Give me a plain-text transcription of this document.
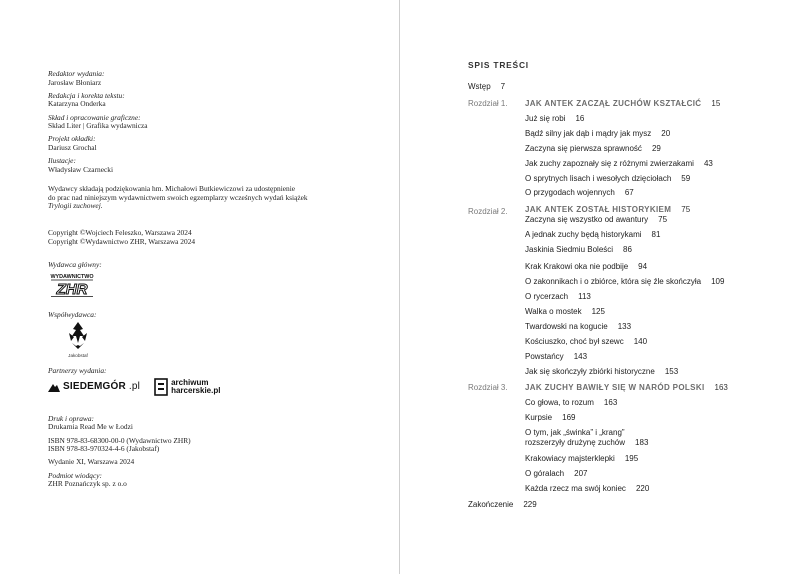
Redaktor wydania:
Jarosław Błoniarz
Redakcja i korekta tekstu:
Katarzyna Onderka
Skład i opracowanie graficzne:
Skład Liter | Grafika wydawnicza
Projekt okładki:
Dariusz Grochal
Ilustacje:
Władysław Czarnecki
Wydawcy składają podziękowania hm. Michałowi Butkiewiczowi za udostępnienie
do prac nad niniejszym wydawnictwem swoich egzemplarzy wcześnych wydań książek
Trylogii zuchowej.
Copyright ©Wojciech Feleszko, Warszawa 2024
Copyright ©Wydawnictwo ZHR, Warszawa 2024
Wydawca główny:
WYDAWNICTWO
ZHR
Współwydawca:
Jakobstaf
Partnerzy wydania:
SIEDEMGÓR .pl	archiwum
harcerskie.pl
Druk i oprawa:
Drukarnia Read Me w Łodzi
ISBN 978-83-68300-00-0 (Wydawnictwo ZHR)
ISBN 978-83-970324-4-6 (Jakobstaf)
Wydanie XI, Warszawa 2024
Podmiot wiodący:
ZHR Poznańczyk sp. z o.o
SPIS TREŚCI
Wstęp 7
Rozdział 1. JAK ANTEK ZACZĄŁ ZUCHÓW KSZTAŁCIĆ 15
Już się robi 16
Bądź silny jak dąb i mądry jak mysz 20
Zaczyna się pierwsza sprawność 29
Jak zuchy zapoznały się z różnymi zwierzakami 43
O sprytnych lisach i wesołych dzięciołach 59
O przygodach wojennych 67
Rozdział 2. JAK ANTEK ZOSTAŁ HISTORYKIEM 75
Zaczyna się wszystko od awantury 75
A jednak zuchy będą historykami 81
Jaskinia Siedmiu Boleści 86
Krak Krakowi oka nie podbije 94
O zakonnikach i o zbiórce, która się źle skończyła 109
O rycerzach 113
Walka o mostek 125
Twardowski na kogucie 133
Kościuszko, choć był szewc 140
Powstańcy 143
Jak się skończyły zbiórki historyczne 153
Rozdział 3. JAK ZUCHY BAWIŁY SIĘ W NARÓD POLSKI 163
Co głowa, to rozum 163
Kurpsie 169
O tym, jak „świnka” i „krang”
rozszerzyły drużynę zuchów 183
Krakowiacy majsterklepki 195
O góralach 207
Każda rzecz ma swój koniec 220
Zakończenie 229
